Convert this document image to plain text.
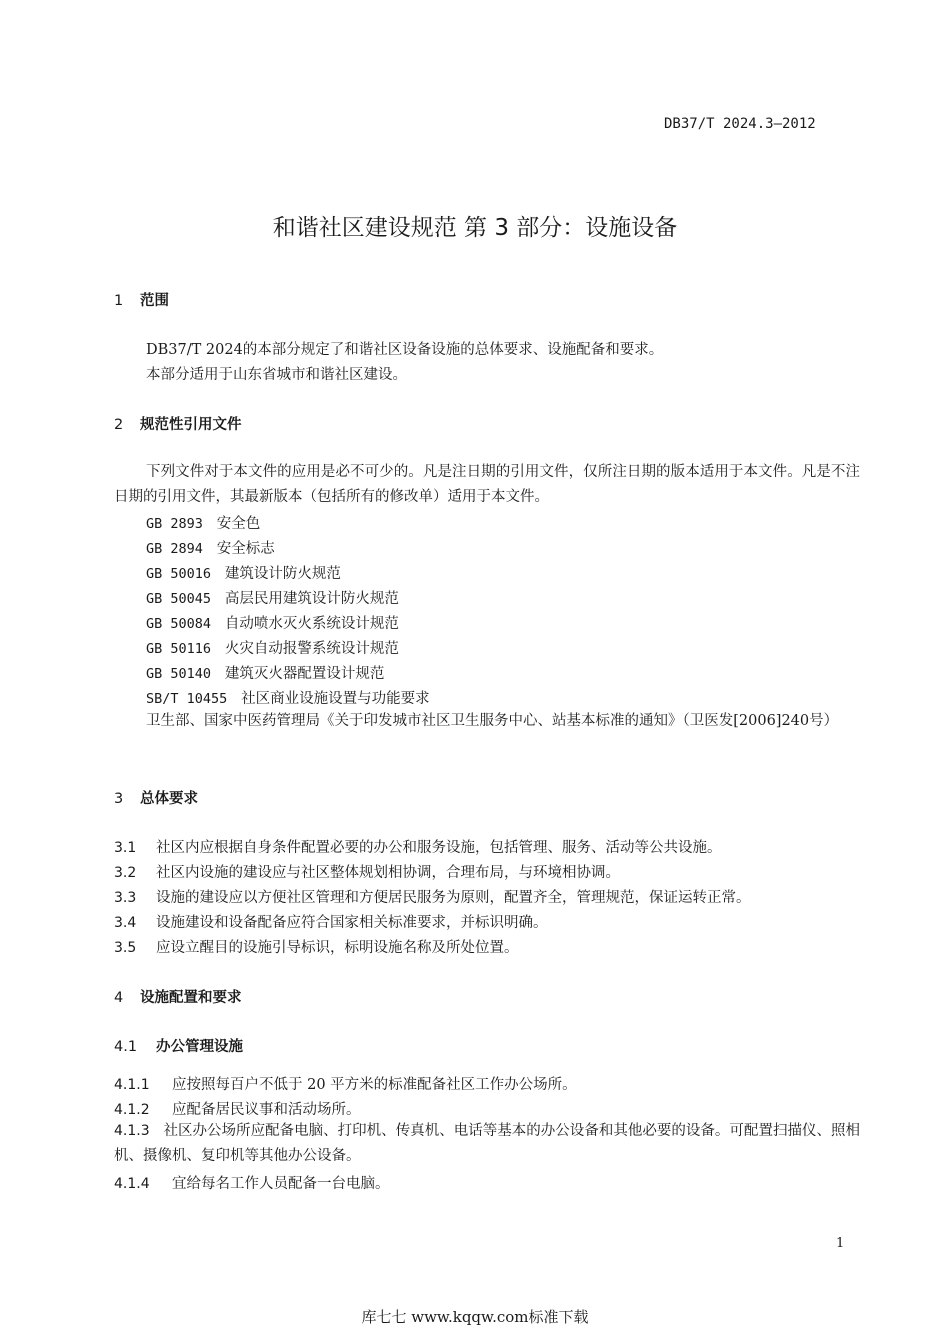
DB37/T 2024.3—2012
和谐社区建设规范 第 3 部分：设施设备
1 范围
DB37/T 2024的本部分规定了和谐社区设备设施的总体要求、设施配备和要求。
本部分适用于山东省城市和谐社区建设。
2 规范性引用文件
下列文件对于本文件的应用是必不可少的。凡是注日期的引用文件，仅所注日期的版本适用于本文件。凡是不注日期的引用文件，其最新版本（包括所有的修改单）适用于本文件。
GB 2893 安全色
GB 2894 安全标志
GB 50016 建筑设计防火规范
GB 50045 高层民用建筑设计防火规范
GB 50084 自动喷水灭火系统设计规范
GB 50116 火灾自动报警系统设计规范
GB 50140 建筑灭火器配置设计规范
SB/T 10455 社区商业设施设置与功能要求
卫生部、国家中医药管理局《关于印发城市社区卫生服务中心、站基本标准的通知》（卫医发[2006]240号）
3 总体要求
3.1 社区内应根据自身条件配置必要的办公和服务设施，包括管理、服务、活动等公共设施。
3.2 社区内设施的建设应与社区整体规划相协调，合理布局，与环境相协调。
3.3 设施的建设应以方便社区管理和方便居民服务为原则，配置齐全，管理规范，保证运转正常。
3.4 设施建设和设备配备应符合国家相关标准要求，并标识明确。
3.5 应设立醒目的设施引导标识，标明设施名称及所处位置。
4 设施配置和要求
4.1 办公管理设施
4.1.1 应按照每百户不低于 20 平方米的标准配备社区工作办公场所。
4.1.2 应配备居民议事和活动场所。
4.1.3 社区办公场所应配备电脑、打印机、传真机、电话等基本的办公设备和其他必要的设备。可配置扫描仪、照相机、摄像机、复印机等其他办公设备。
4.1.4 宜给每名工作人员配备一台电脑。
1
库七七 www.kqqw.com标准下载
